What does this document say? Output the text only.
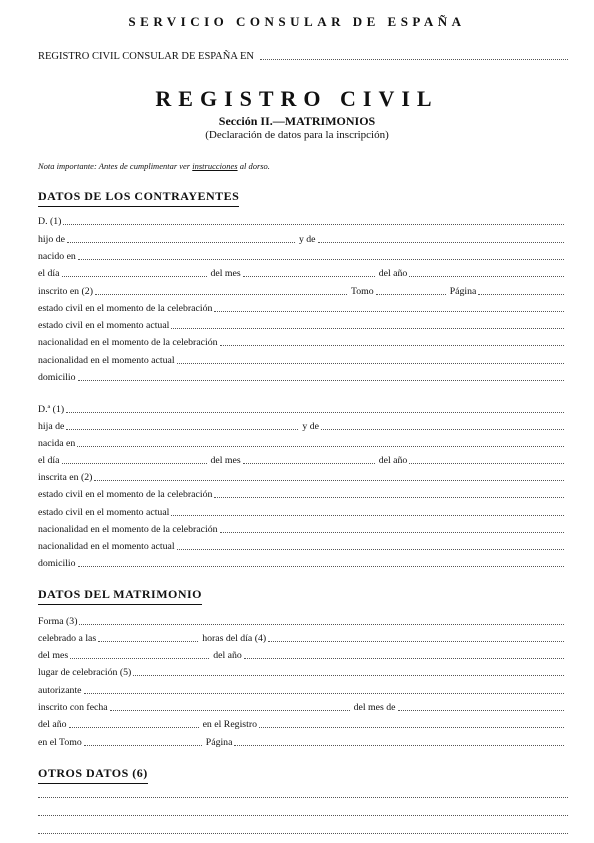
SERVICIO CONSULAR DE ESPAÑA
REGISTRO CIVIL CONSULAR DE ESPAÑA EN
REGISTRO CIVIL
Sección II.—MATRIMONIOS
(Declaración de datos para la inscripción)
Nota importante: Antes de cumplimentar ver instrucciones al dorso.
DATOS DE LOS CONTRAYENTES
D. (1)
hijo de	y de
nacido en
el día	del mes	del año
inscrito en (2)	Tomo	Página
estado civil en el momento de la celebración
estado civil en el momento actual
nacionalidad en el momento de la celebración
nacionalidad en el momento actual
domicilio
D.ª (1)
hija de	y de
nacida en
el día	del mes	del año
inscrita en (2)
estado civil en el momento de la celebración
estado civil en el momento actual
nacionalidad en el momento de la celebración
nacionalidad en el momento actual
domicilio
DATOS DEL MATRIMONIO
Forma (3)
celebrado a las	horas del día (4)
del mes	del año
lugar de celebración (5)
autorizante
inscrito con fecha	del mes de
del año	en el Registro
en el Tomo	Página
OTROS DATOS (6)
